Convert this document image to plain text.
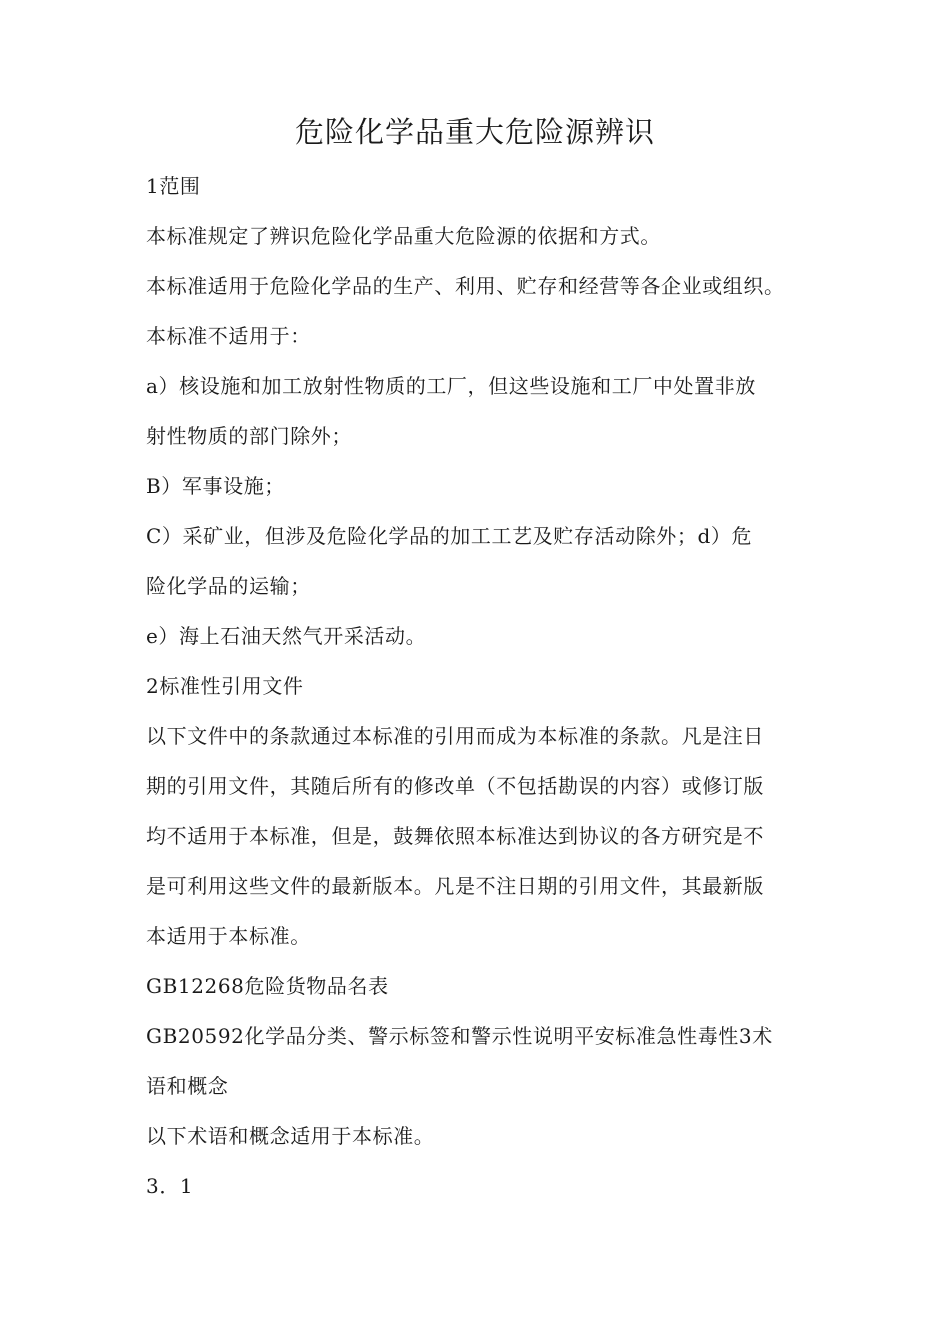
危险化学品重大危险源辨识
1范围
本标准规定了辨识危险化学品重大危险源的依据和方式。
本标准适用于危险化学品的生产、利用、贮存和经营等各企业或组织。
本标准不适用于：
a）核设施和加工放射性物质的工厂，但这些设施和工厂中处置非放
射性物质的部门除外；
B）军事设施；
C）采矿业，但涉及危险化学品的加工工艺及贮存活动除外；d）危
险化学品的运输；
e）海上石油天然气开采活动。
2标准性引用文件
以下文件中的条款通过本标准的引用而成为本标准的条款。凡是注日
期的引用文件，其随后所有的修改单（不包括勘误的内容）或修订版
均不适用于本标准，但是，鼓舞依照本标准达到协议的各方研究是不
是可利用这些文件的最新版本。凡是不注日期的引用文件，其最新版
本适用于本标准。
GB12268危险货物品名表
GB20592化学品分类、警示标签和警示性说明平安标准急性毒性3术
语和概念
以下术语和概念适用于本标准。
3．1
